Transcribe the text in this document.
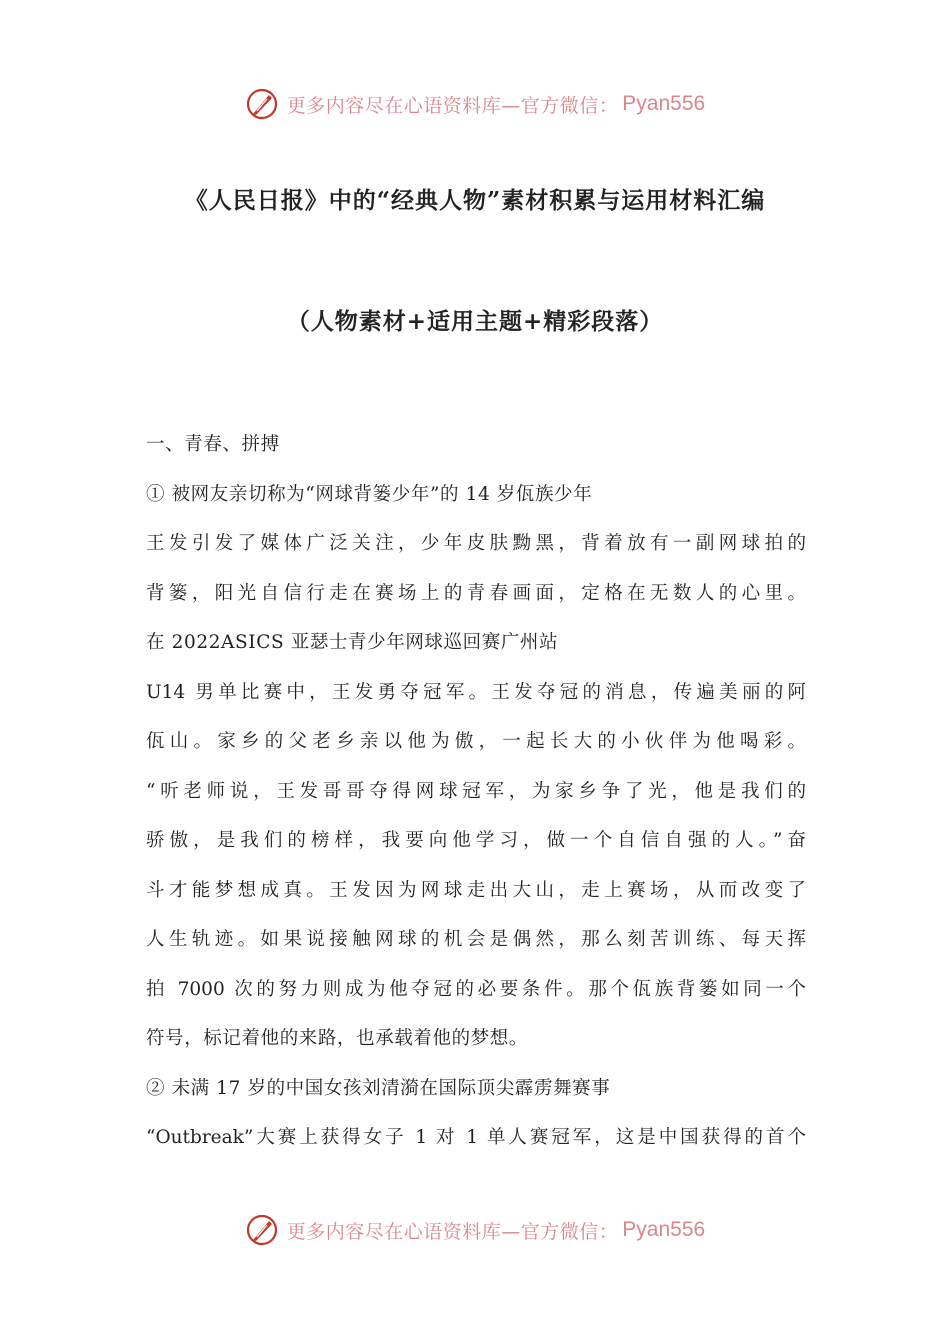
更多内容尽在心语资料库—官方微信： Pyan556
《人民日报》中的“经典人物”素材积累与运用材料汇编
（人物素材+适用主题+精彩段落）
一、青春、拼搏
① 被网友亲切称为“网球背篓少年”的 14 岁佤族少年
王发引发了媒体广泛关注，少年皮肤黝黑，背着放有一副网球拍的
背篓，阳光自信行走在赛场上的青春画面，定格在无数人的心里。
在 2022ASICS 亚瑟士青少年网球巡回赛广州站
U14 男单比赛中，王发勇夺冠军。王发夺冠的消息，传遍美丽的阿
佤山。家乡的父老乡亲以他为傲，一起长大的小伙伴为他喝彩。
“听老师说，王发哥哥夺得网球冠军，为家乡争了光，他是我们的
骄傲，是我们的榜样，我要向他学习，做一个自信自强的人。”奋
斗才能梦想成真。王发因为网球走出大山，走上赛场，从而改变了
人生轨迹。如果说接触网球的机会是偶然，那么刻苦训练、每天挥
拍 7000 次的努力则成为他夺冠的必要条件。那个佤族背篓如同一个
符号，标记着他的来路，也承载着他的梦想。
② 未满 17 岁的中国女孩刘清漪在国际顶尖霹雳舞赛事
“Outbreak”大赛上获得女子 1 对 1 单人赛冠军，这是中国获得的首个
更多内容尽在心语资料库—官方微信： Pyan556
